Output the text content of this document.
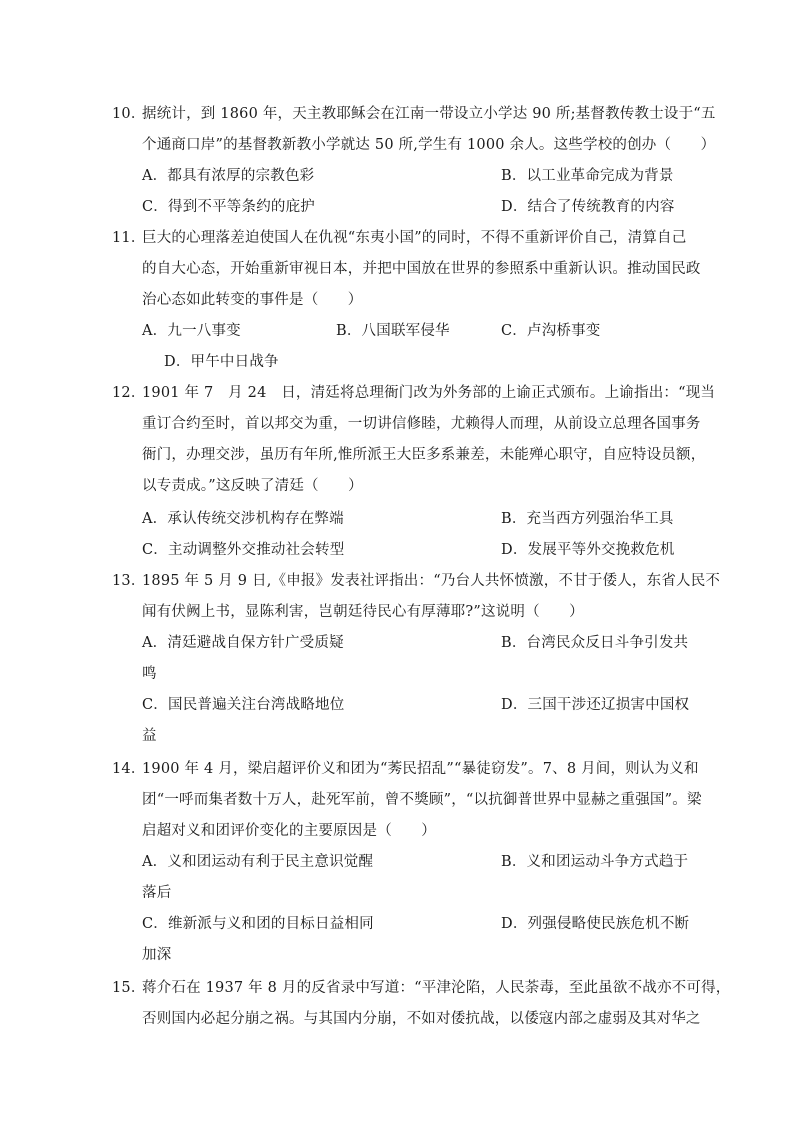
10．
据统计，到 1860 年，天主教耶稣会在江南一带设立小学达 90 所;基督教传教士设于“五
个通商口岸”的基督教新教小学就达 50 所,学生有 1000 余人。这些学校的创办（　　）
A．都具有浓厚的宗教色彩	B．以工业革命完成为背景
C．得到不平等条约的庇护	D．结合了传统教育的内容
11．
巨大的心理落差迫使国人在仇视“东夷小国”的同时，不得不重新评价自己，清算自己
的自大心态，开始重新审视日本，并把中国放在世界的参照系中重新认识。推动国民政
治心态如此转变的事件是（　　）
A．九一八事变	B．八国联军侵华	C．卢沟桥事变
D．甲午中日战争
12．
1901 年 7　月 24　日，清廷将总理衙门改为外务部的上谕正式颁布。上谕指出：“现当
重订合约至时，首以邦交为重，一切讲信修睦，尤赖得人而理，从前设立总理各国事务
衙门，办理交涉，虽历有年所,惟所派王大臣多系兼差，未能殚心职守，自应特设员额，
以专责成。”这反映了清廷（　　）
A．承认传统交涉机构存在弊端	B．充当西方列强治华工具
C．主动调整外交推动社会转型	D．发展平等外交挽救危机
13．
1895 年 5 月 9 日,《申报》发表社评指出：“乃台人共怀愤激，不甘于倭人，东省人民不
闻有伏阙上书，显陈利害，岂朝廷待民心有厚薄耶?”这说明（　　）
A．清廷避战自保方针广受质疑	B．台湾民众反日斗争引发共
鸣
C．国民普遍关注台湾战略地位	D．三国干涉还辽损害中国权
益
14．
1900 年 4 月，梁启超评价义和团为“莠民招乱”“暴徒窃发”。7、8 月间，则认为义和
团“一呼而集者数十万人，赴死军前，曾不獎顾”，“以抗御普世界中显赫之重强国”。梁
启超对义和团评价变化的主要原因是（　　）
A．义和团运动有利于民主意识觉醒	B．义和团运动斗争方式趋于
落后
C．维新派与义和团的目标日益相同	D．列强侵略使民族危机不断
加深
15．
蒋介石在 1937 年 8 月的反省录中写道：“平津沦陷，人民荼毒，至此虽欲不战亦不可得，
否则国内必起分崩之祸。与其国内分崩，不如对倭抗战，以倭寇内部之虚弱及其对华之
